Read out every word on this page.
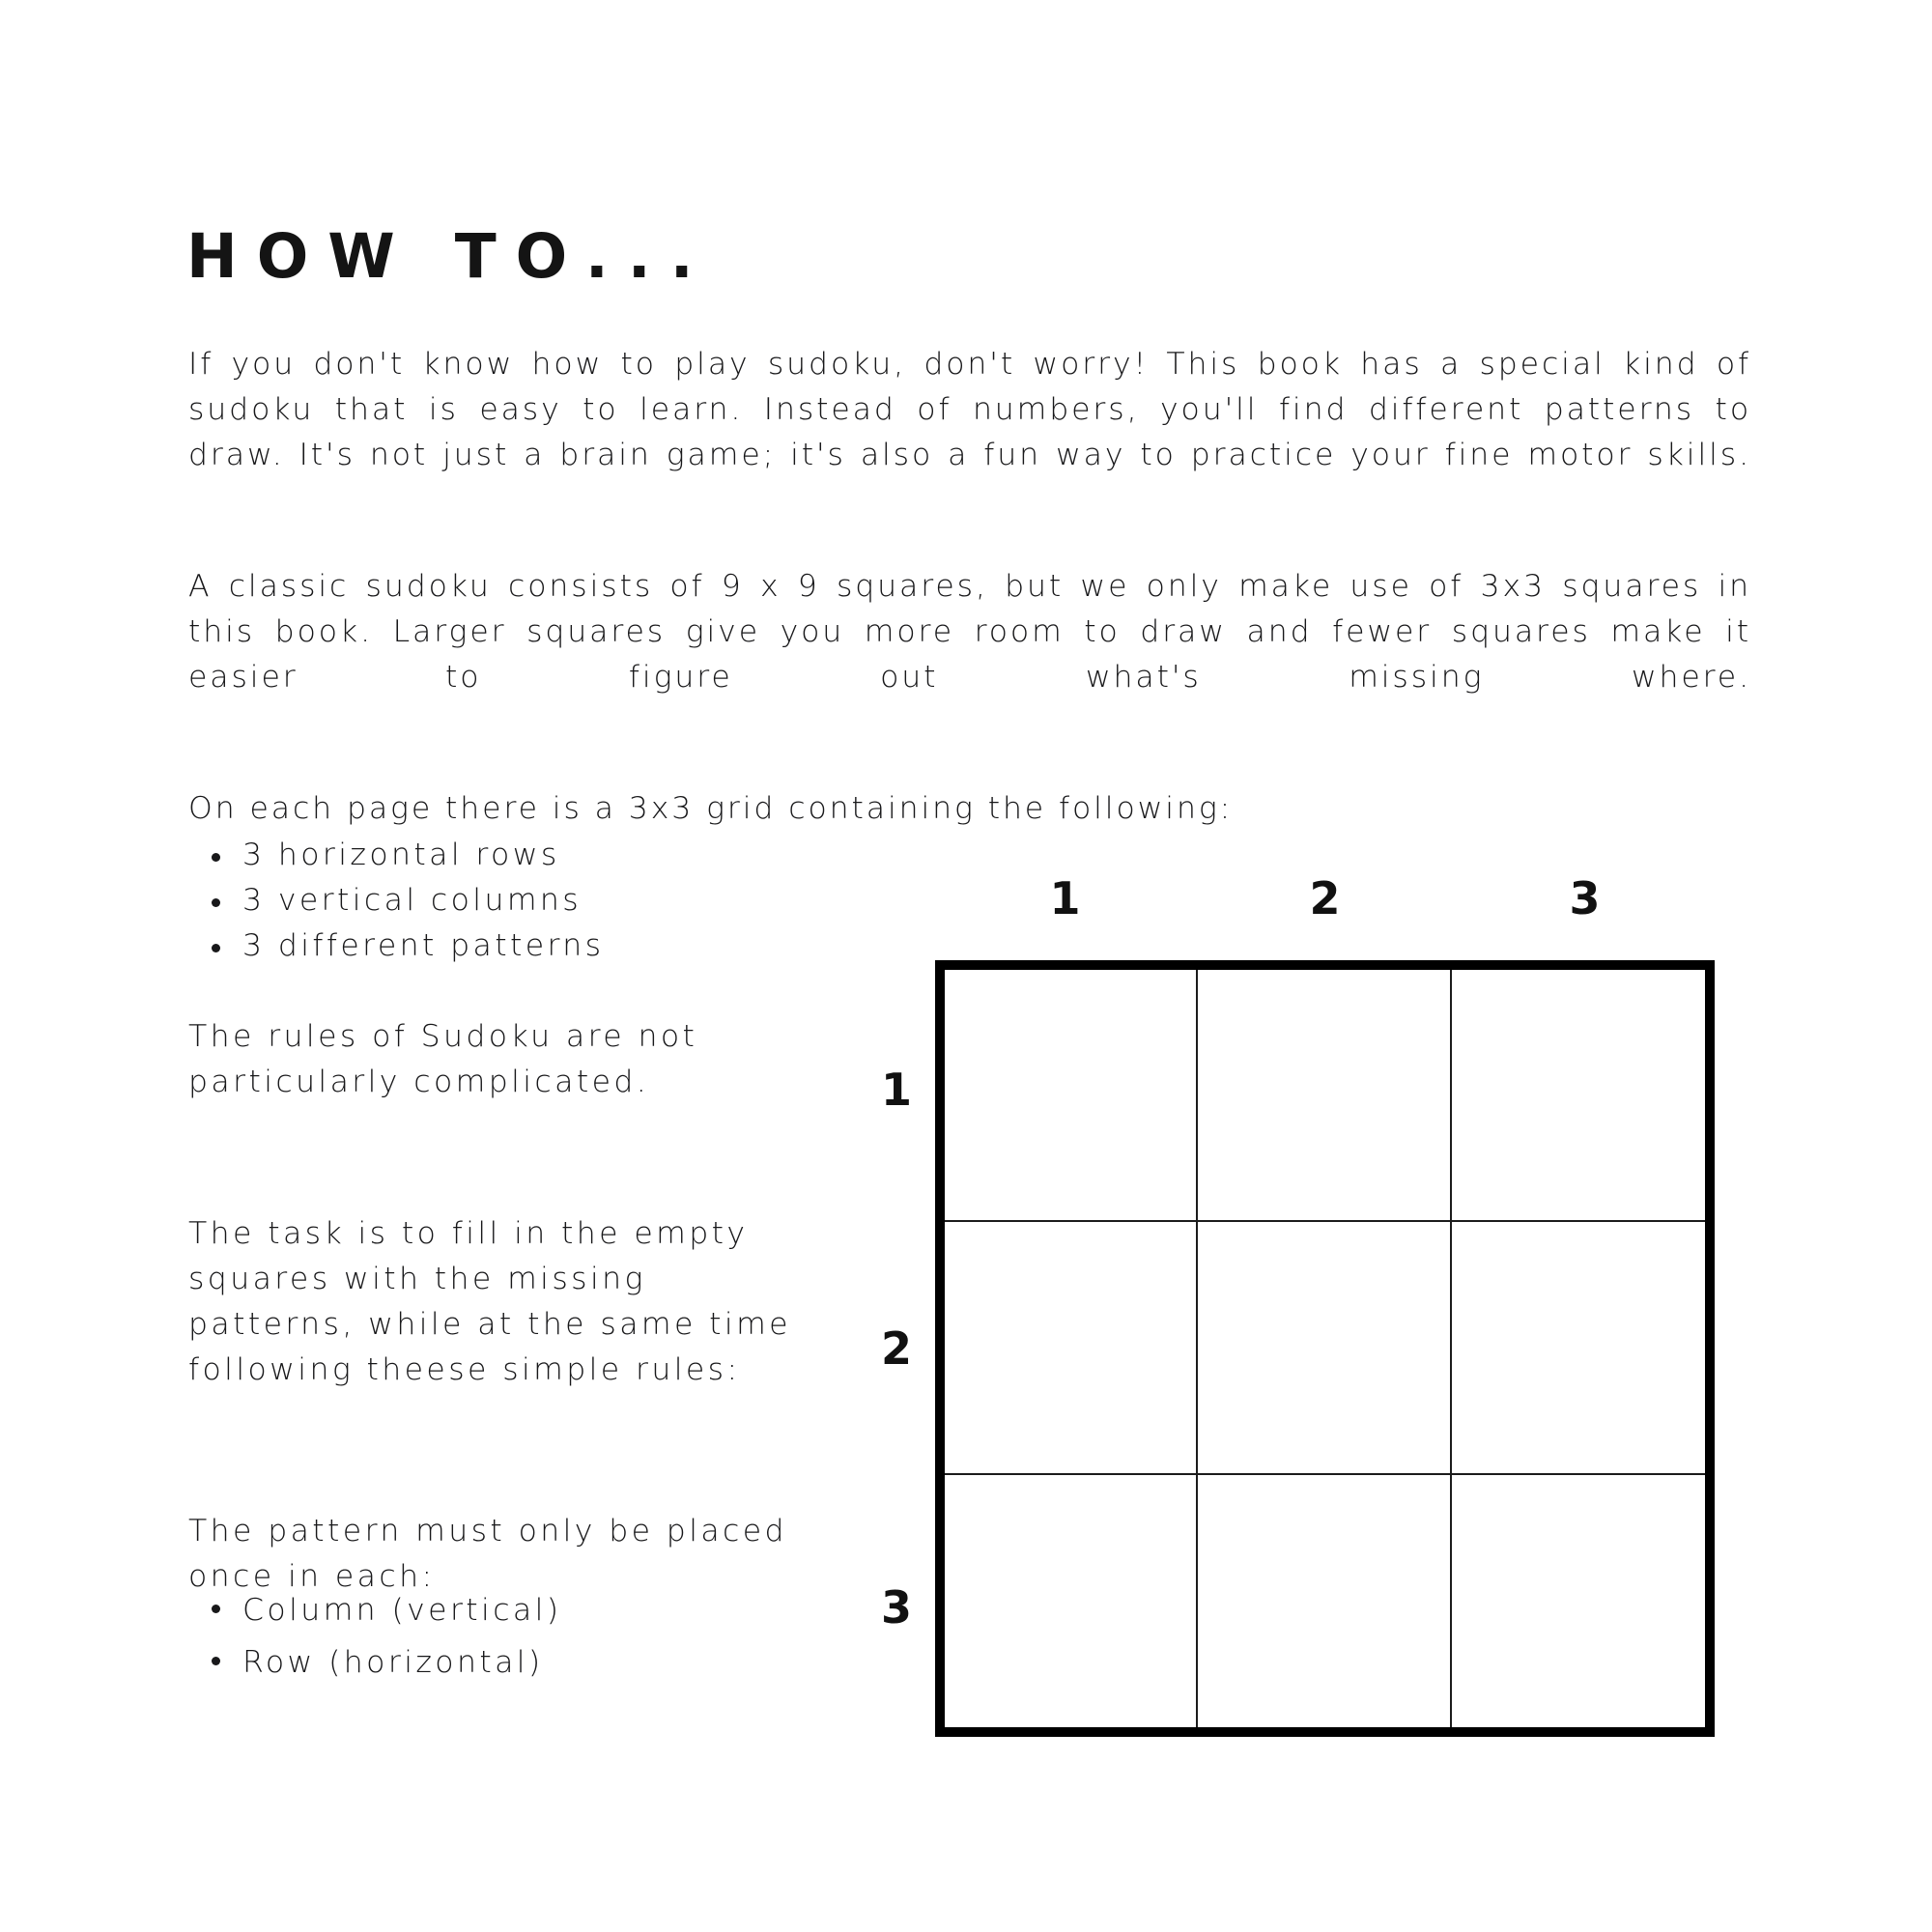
HOW TO...

If you don't know how to play sudoku, don't worry! This book has a special kind of sudoku that is easy to learn. Instead of numbers, you'll find different patterns to draw. It's not just a brain game; it's also a fun way to practice your fine motor skills.

A classic sudoku consists of 9 x 9 squares, but we only make use of 3x3 squares in this book. Larger squares give you more room to draw and fewer squares make it easier to figure out what's missing where.

On each page there is a 3x3 grid containing the following:

3 horizontal rows
3 vertical columns
3 different patterns

The rules of Sudoku are not particularly complicated.

The task is to fill in the empty squares with the missing patterns, while at the same time following theese simple rules:

The pattern must only be placed once in each:

Column (vertical)
Row (horizontal)
1	2	3
1
2
3
